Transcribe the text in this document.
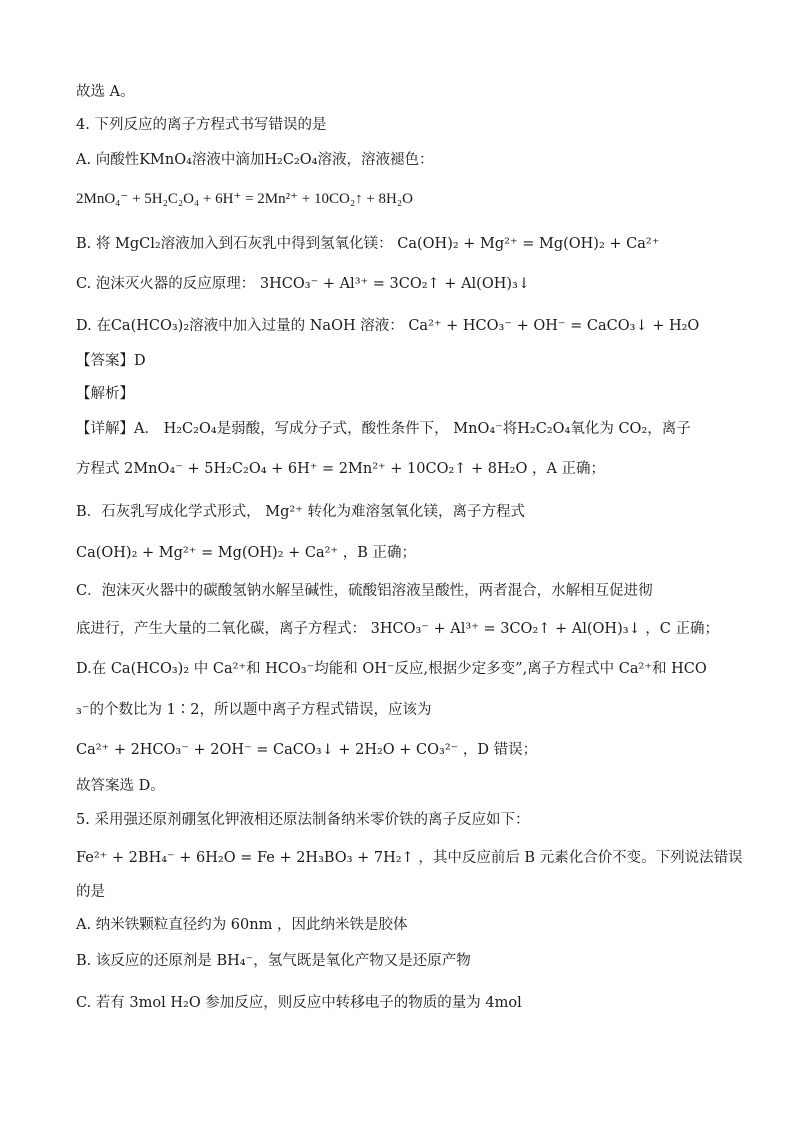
故选 A。
4. 下列反应的离子方程式书写错误的是
A. 向酸性KMnO₄溶液中滴加H₂C₂O₄溶液，溶液褪色：
2MnO₄⁻ + 5H₂C₂O₄ + 6H⁺ = 2Mn²⁺ + 10CO₂↑ + 8H₂O
B. 将 MgCl₂溶液加入到石灰乳中得到氢氧化镁： Ca(OH)₂ + Mg²⁺ = Mg(OH)₂ + Ca²⁺
C. 泡沫灭火器的反应原理： 3HCO₃⁻ + Al³⁺ = 3CO₂↑ + Al(OH)₃↓
D. 在Ca(HCO₃)₂溶液中加入过量的 NaOH 溶液： Ca²⁺ + HCO₃⁻ + OH⁻ = CaCO₃↓ + H₂O
【答案】D
【解析】
【详解】A． H₂C₂O₄是弱酸，写成分子式，酸性条件下， MnO₄⁻将H₂C₂O₄氧化为 CO₂，离子
方程式 2MnO₄⁻ + 5H₂C₂O₄ + 6H⁺ = 2Mn²⁺ + 10CO₂↑ + 8H₂O ，A 正确；
B．石灰乳写成化学式形式， Mg²⁺ 转化为难溶氢氧化镁，离子方程式
Ca(OH)₂ + Mg²⁺ = Mg(OH)₂ + Ca²⁺ ，B 正确；
C．泡沫灭火器中的碳酸氢钠水解呈碱性，硫酸铝溶液呈酸性，两者混合，水解相互促进彻
底进行，产生大量的二氧化碳，离子方程式： 3HCO₃⁻ + Al³⁺ = 3CO₂↑ + Al(OH)₃↓ ，C 正确；
D.在 Ca(HCO₃)₂ 中 Ca²⁺和 HCO₃⁻均能和 OH⁻反应,根据少定多变”,离子方程式中 Ca²⁺和 HCO
₃⁻的个数比为 1∶2，所以题中离子方程式错误，应该为
Ca²⁺ + 2HCO₃⁻ + 2OH⁻ = CaCO₃↓ + 2H₂O + CO₃²⁻ ，D 错误；
故答案选 D。
5. 采用强还原剂硼氢化钾液相还原法制备纳米零价铁的离子反应如下：
Fe²⁺ + 2BH₄⁻ + 6H₂O = Fe + 2H₃BO₃ + 7H₂↑ ，其中反应前后 B 元素化合价不变。下列说法错误
的是
A. 纳米铁颗粒直径约为 60nm ，因此纳米铁是胶体
B. 该反应的还原剂是 BH₄⁻，氢气既是氧化产物又是还原产物
C. 若有 3mol H₂O 参加反应，则反应中转移电子的物质的量为 4mol
